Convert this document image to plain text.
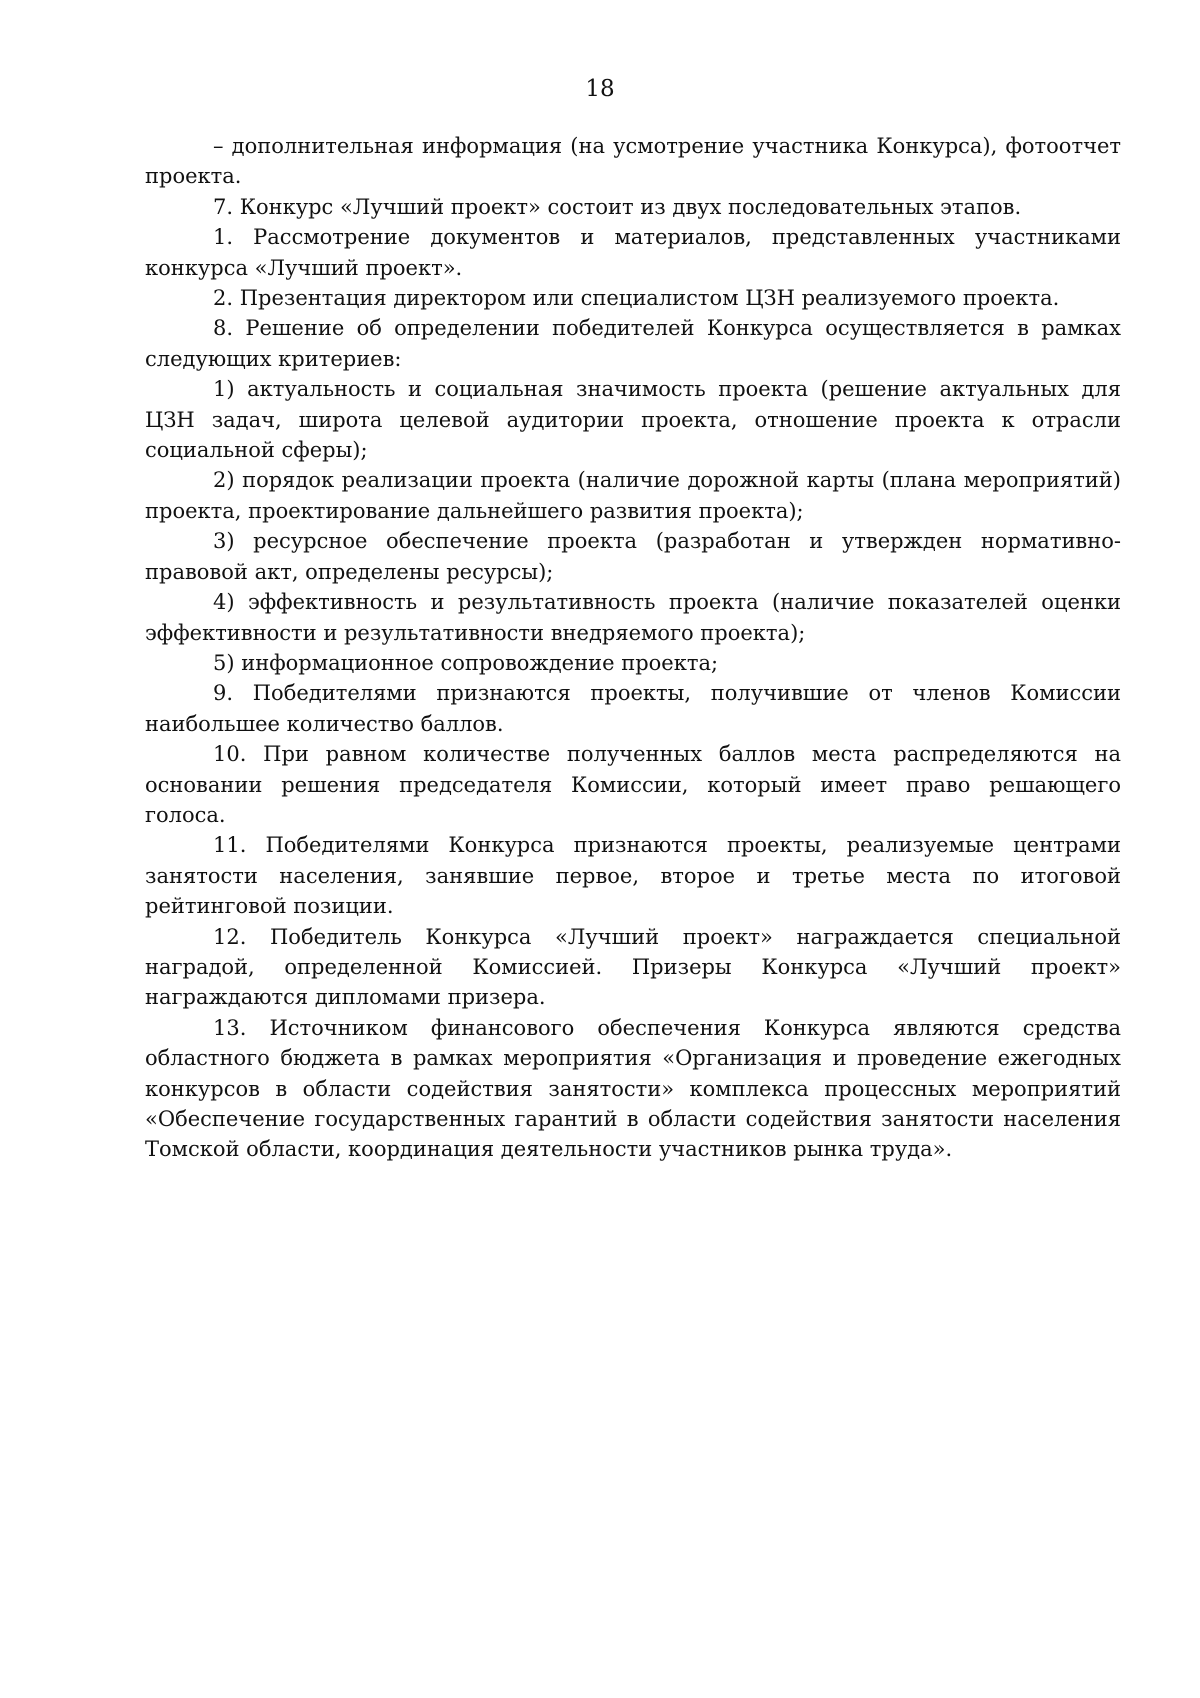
18

– дополнительная информация (на усмотрение участника Конкурса), фотоотчет проекта.

7. Конкурс «Лучший проект» состоит из двух последовательных этапов.

1. Рассмотрение документов и материалов, представленных участниками конкурса «Лучший проект».

2. Презентация директором или специалистом ЦЗН реализуемого проекта.

8. Решение об определении победителей Конкурса осуществляется в рамках следующих критериев:

1) актуальность и социальная значимость проекта (решение актуальных для ЦЗН задач, широта целевой аудитории проекта, отношение проекта к отрасли социальной сферы);

2) порядок реализации проекта (наличие дорожной карты (плана мероприятий) проекта, проектирование дальнейшего развития проекта);

3) ресурсное обеспечение проекта (разработан и утвержден нормативно-правовой акт, определены ресурсы);

4) эффективность и результативность проекта (наличие показателей оценки эффективности и результативности внедряемого проекта);

5) информационное сопровождение проекта;

9. Победителями признаются проекты, получившие от членов Комиссии наибольшее количество баллов.

10. При равном количестве полученных баллов места распределяются на основании решения председателя Комиссии, который имеет право решающего голоса.

11. Победителями Конкурса признаются проекты, реализуемые центрами занятости населения, занявшие первое, второе и третье места по итоговой рейтинговой позиции.

12. Победитель Конкурса «Лучший проект» награждается специальной наградой, определенной Комиссией. Призеры Конкурса «Лучший проект» награждаются дипломами призера.

13. Источником финансового обеспечения Конкурса являются средства областного бюджета в рамках мероприятия «Организация и проведение ежегодных конкурсов в области содействия занятости» комплекса процессных мероприятий «Обеспечение государственных гарантий в области содействия занятости населения Томской области, координация деятельности участников рынка труда».
